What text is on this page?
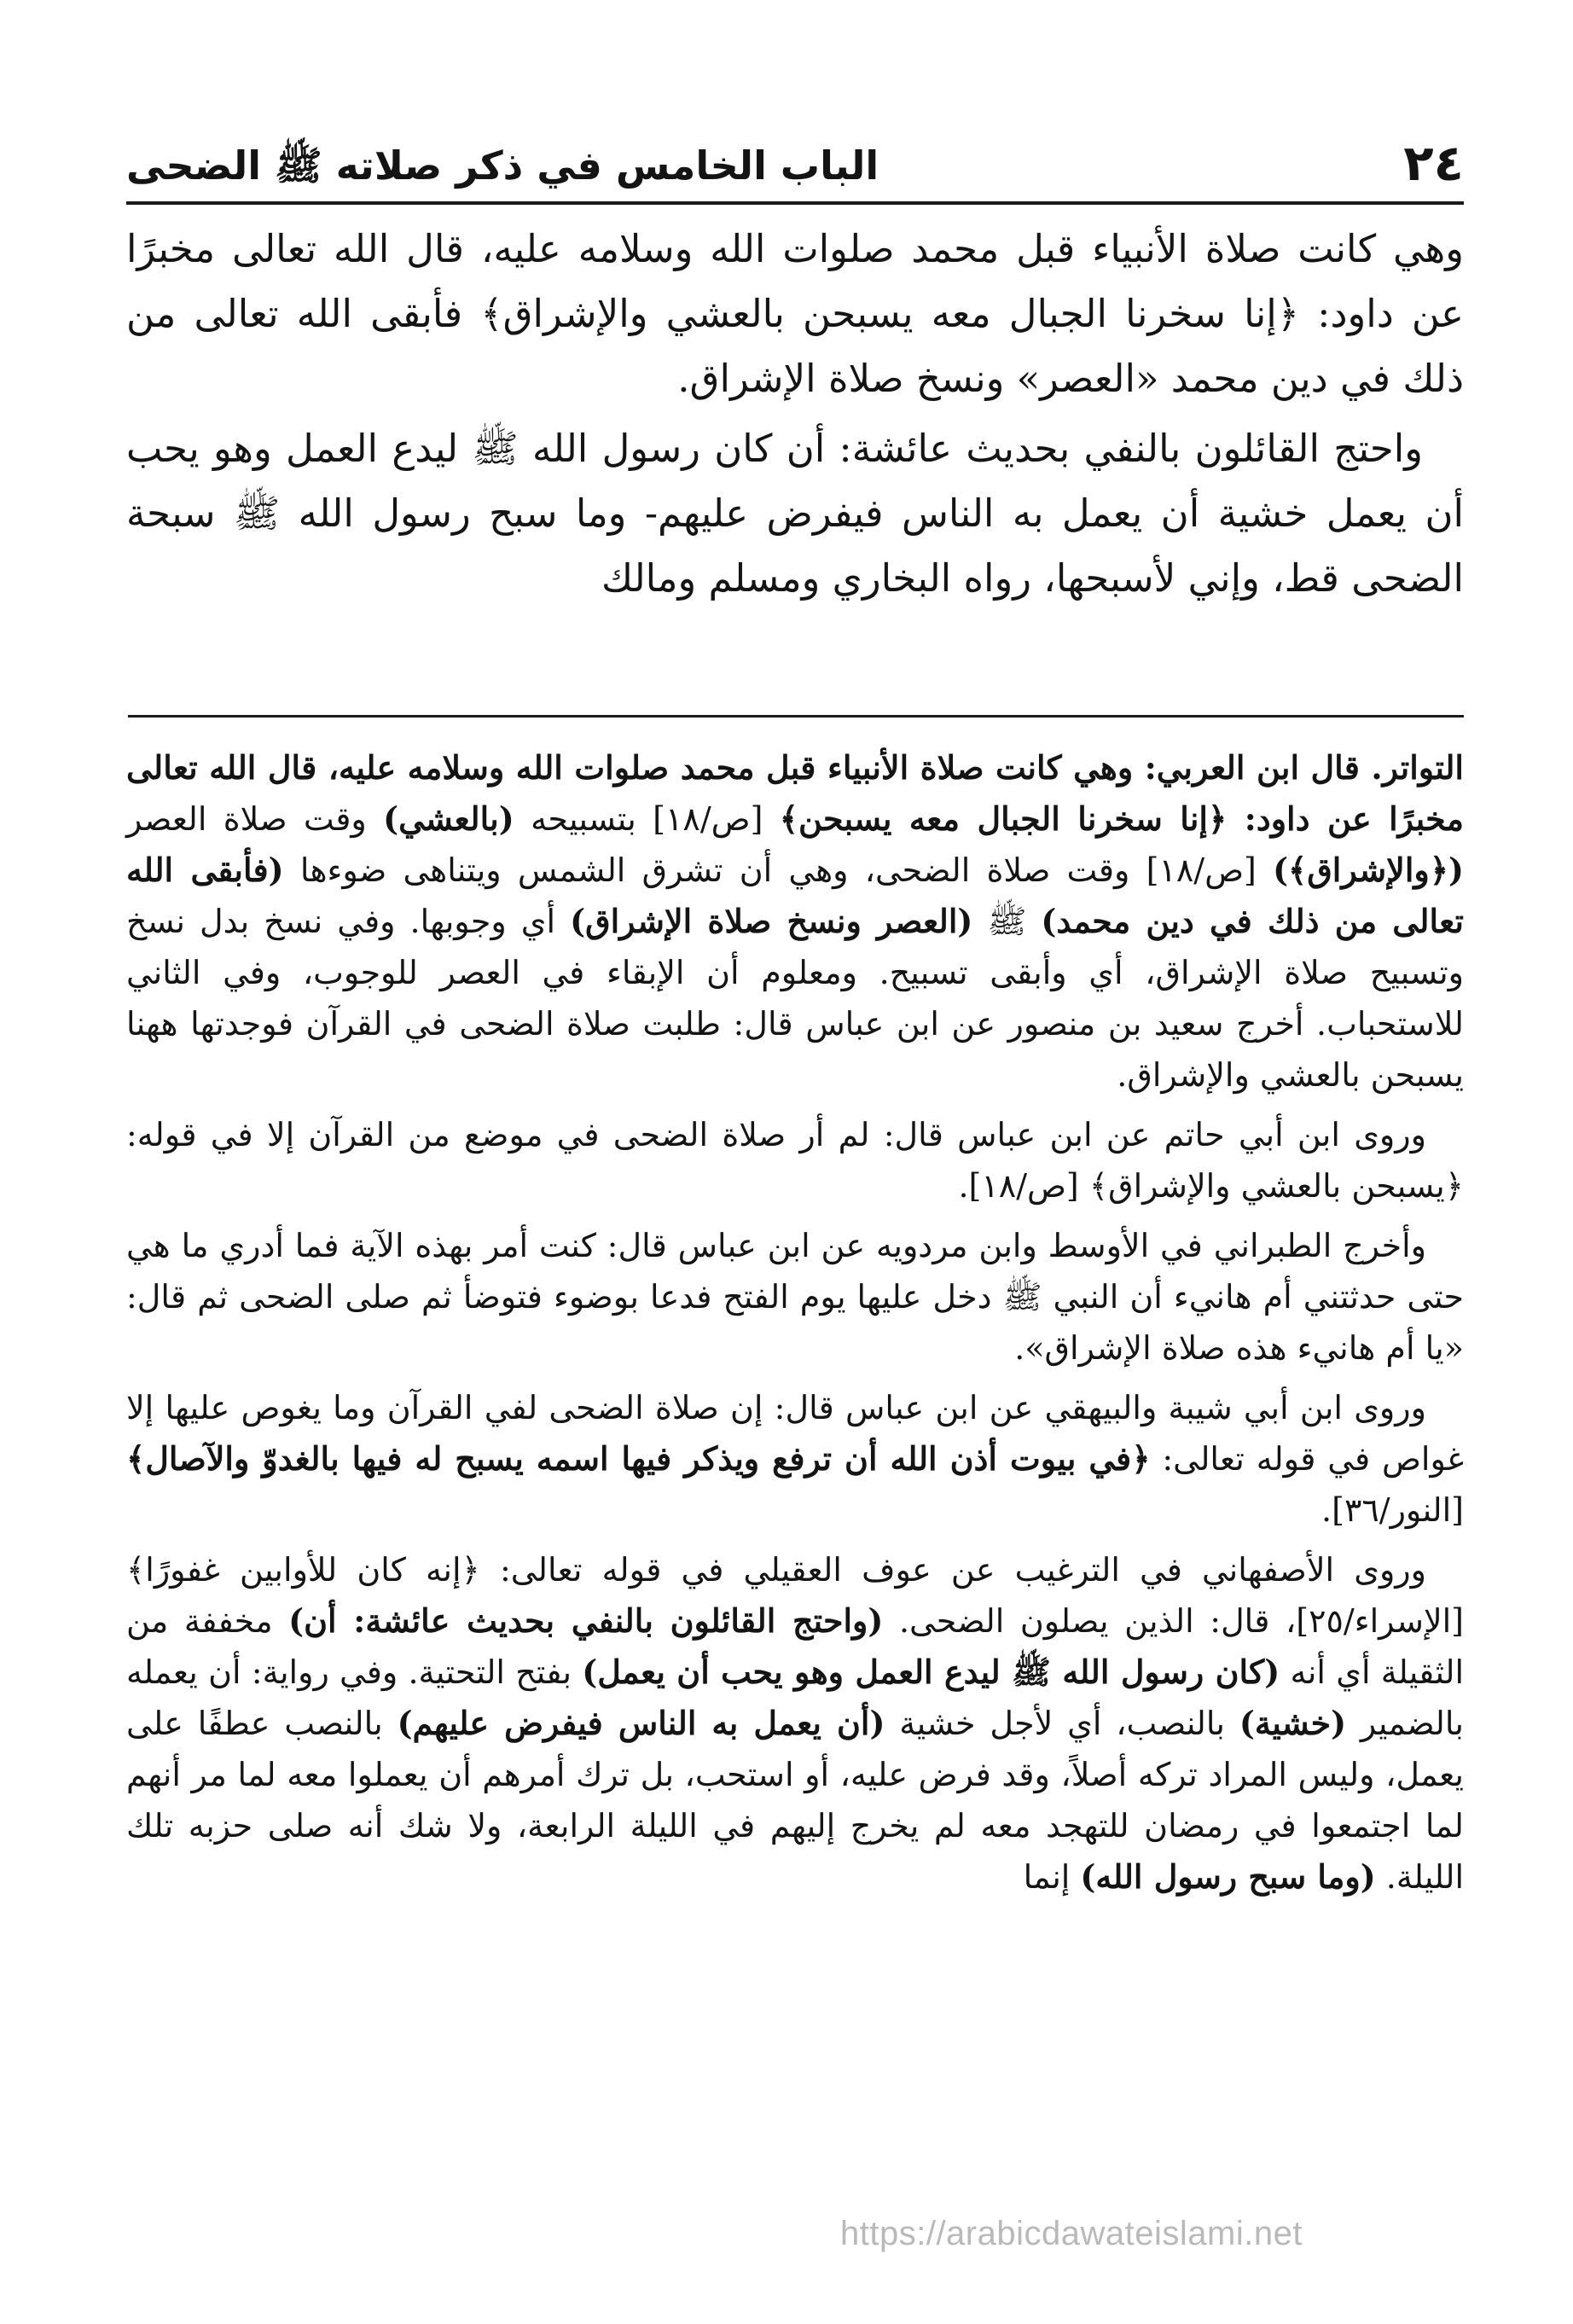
٢٤
الباب الخامس في ذكر صلاته ﷺ الضحى

وهي كانت صلاة الأنبياء قبل محمد صلوات الله وسلامه عليه، قال الله تعالى مخبرًا عن داود: ﴿إنا سخرنا الجبال معه يسبحن بالعشي والإشراق﴾ فأبقى الله تعالى من ذلك في دين محمد «العصر» ونسخ صلاة الإشراق.

واحتج القائلون بالنفي بحديث عائشة: أن كان رسول الله ﷺ ليدع العمل وهو يحب أن يعمل خشية أن يعمل به الناس فيفرض عليهم- وما سبح رسول الله ﷺ سبحة الضحى قط، وإني لأسبحها، رواه البخاري ومسلم ومالك

التواتر. قال ابن العربي: وهي كانت صلاة الأنبياء قبل محمد صلوات الله وسلامه عليه، قال الله تعالى مخبرًا عن داود: ﴿إنا سخرنا الجبال معه يسبحن﴾ [ص/١٨] بتسبيحه (بالعشي) وقت صلاة العصر (﴿والإشراق﴾) [ص/١٨] وقت صلاة الضحى، وهي أن تشرق الشمس ويتناهى ضوءها (فأبقى الله تعالى من ذلك في دين محمد) ﷺ (العصر ونسخ صلاة الإشراق) أي وجوبها. وفي نسخ بدل نسخ وتسبيح صلاة الإشراق، أي وأبقى تسبيح. ومعلوم أن الإبقاء في العصر للوجوب، وفي الثاني للاستحباب. أخرج سعيد بن منصور عن ابن عباس قال: طلبت صلاة الضحى في القرآن فوجدتها ههنا يسبحن بالعشي والإشراق.

وروى ابن أبي حاتم عن ابن عباس قال: لم أر صلاة الضحى في موضع من القرآن إلا في قوله: ﴿يسبحن بالعشي والإشراق﴾ [ص/١٨].

وأخرج الطبراني في الأوسط وابن مردويه عن ابن عباس قال: كنت أمر بهذه الآية فما أدري ما هي حتى حدثتني أم هانيء أن النبي ﷺ دخل عليها يوم الفتح فدعا بوضوء فتوضأ ثم صلى الضحى ثم قال: «يا أم هانيء هذه صلاة الإشراق».

وروى ابن أبي شيبة والبيهقي عن ابن عباس قال: إن صلاة الضحى لفي القرآن وما يغوص عليها إلا غواص في قوله تعالى: ﴿في بيوت أذن الله أن ترفع ويذكر فيها اسمه يسبح له فيها بالغدوّ والآصال﴾ [النور/٣٦].

وروى الأصفهاني في الترغيب عن عوف العقيلي في قوله تعالى: ﴿إنه كان للأوابين غفورًا﴾ [الإسراء/٢٥]، قال: الذين يصلون الضحى. (واحتج القائلون بالنفي بحديث عائشة: أن) مخففة من الثقيلة أي أنه (كان رسول الله ﷺ ليدع العمل وهو يحب أن يعمل) بفتح التحتية. وفي رواية: أن يعمله بالضمير (خشية) بالنصب، أي لأجل خشية (أن يعمل به الناس فيفرض عليهم) بالنصب عطفًا على يعمل، وليس المراد تركه أصلاً، وقد فرض عليه، أو استحب، بل ترك أمرهم أن يعملوا معه لما مر أنهم لما اجتمعوا في رمضان للتهجد معه لم يخرج إليهم في الليلة الرابعة، ولا شك أنه صلى حزبه تلك الليلة. (وما سبح رسول الله) إنما

https://arabicdawateislami.net
